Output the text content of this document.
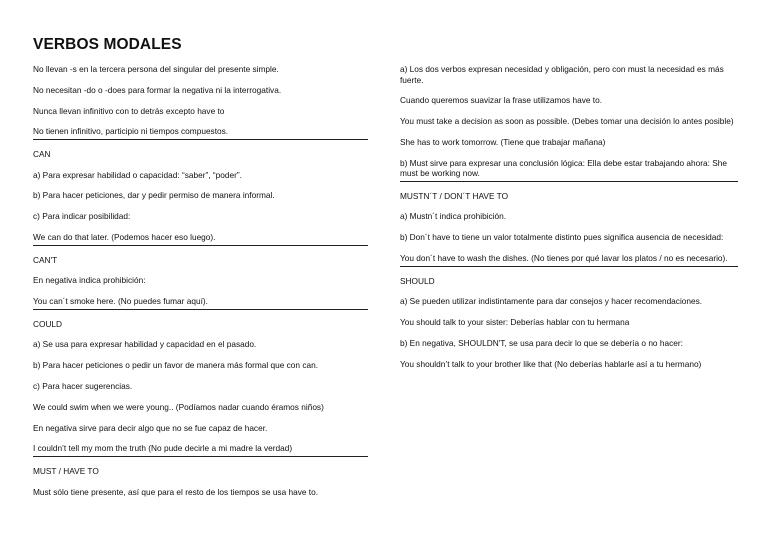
VERBOS MODALES

No llevan -s en la tercera persona del singular del presente simple.

No necesitan -do o -does para formar la negativa ni la interrogativa.

Nunca llevan infinitivo con to detrás excepto have to

No tienen infinitivo, participio ni tiempos compuestos.

CAN

a) Para expresar habilidad o capacidad: “saber”, “poder”.

b) Para hacer peticiones, dar y pedir permiso de manera informal.

c) Para indicar posibilidad:

We can do that later. (Podemos hacer eso luego).

CAN'T

En negativa indica prohibición:

You can´t smoke here. (No puedes fumar aquí).

COULD

a) Se usa para expresar habilidad y capacidad en el pasado.

b) Para hacer peticiones o pedir un favor de manera más formal que con can.

c) Para hacer sugerencias.

We could swim when we were young.. (Podíamos nadar cuando éramos niños)

En negativa sirve para decir algo que no se fue capaz de hacer.

I couldn’t tell my mom the truth (No pude decirle a mi madre la verdad)

MUST / HAVE TO

Must sólo tiene presente, así que para el resto de los tiempos se usa have to.

a) Los dos verbos expresan necesidad y obligación, pero con must la necesidad es más fuerte.

Cuando queremos suavizar la frase utilizamos have to.

You must take a decision as soon as possible. (Debes tomar una decisión lo antes posible)

She has to work tomorrow. (Tiene que trabajar mañana)

b) Must sirve para expresar una conclusión lógica: Ella debe estar trabajando ahora: She must be working now.

MUSTN´T / DON´T HAVE TO

a) Mustn´t indica prohibición.

b) Don´t have to tiene un valor totalmente distinto pues significa ausencia de necesidad:

You don´t have to wash the dishes. (No tienes por qué lavar los platos / no es necesario).

SHOULD

a) Se pueden utilizar indistintamente para dar consejos y hacer recomendaciones.

You should talk to your sister: Deberías hablar con tu hermana

b) En negativa, SHOULDN'T, se usa para decir lo que se debería o no hacer:

You shouldn’t talk to your brother like that (No deberías hablarle así a tu hermano)
